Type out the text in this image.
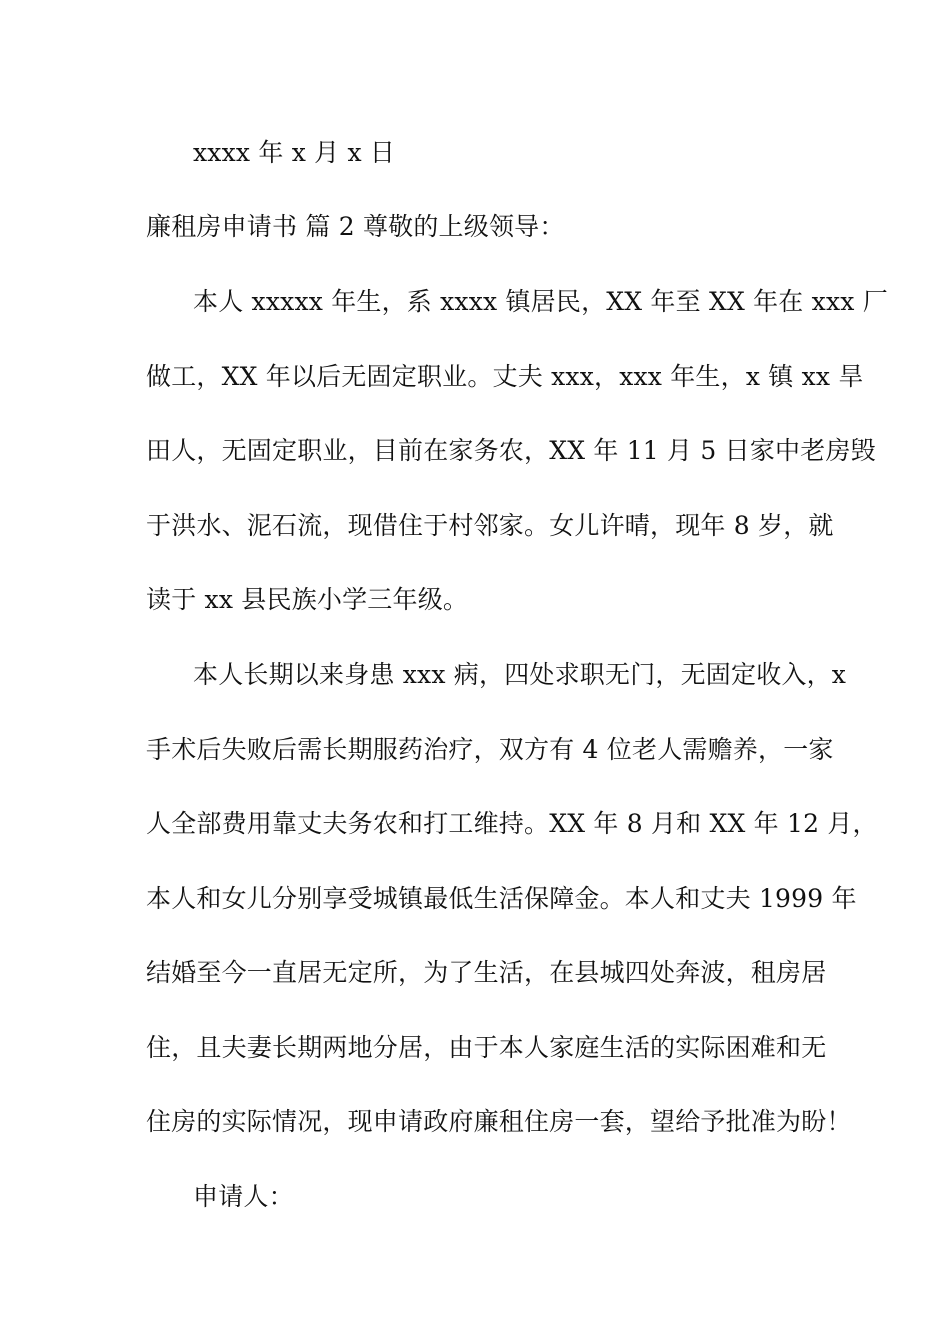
xxxx 年 x 月 x 日
廉租房申请书 篇 2 尊敬的上级领导：
本人 xxxxx 年生，系 xxxx 镇居民，XX 年至 XX 年在 xxx 厂
做工，XX 年以后无固定职业。丈夫 xxx，xxx 年生，x 镇 xx 旱
田人，无固定职业，目前在家务农，XX 年 11 月 5 日家中老房毁
于洪水、泥石流，现借住于村邻家。女儿许晴，现年 8 岁，就
读于 xx 县民族小学三年级。
本人长期以来身患 xxx 病，四处求职无门，无固定收入，x
手术后失败后需长期服药治疗，双方有 4 位老人需赡养，一家
人全部费用靠丈夫务农和打工维持。XX 年 8 月和 XX 年 12 月，
本人和女儿分别享受城镇最低生活保障金。本人和丈夫 1999 年
结婚至今一直居无定所，为了生活，在县城四处奔波，租房居
住，且夫妻长期两地分居，由于本人家庭生活的实际困难和无
住房的实际情况，现申请政府廉租住房一套，望给予批准为盼！
申请人：
